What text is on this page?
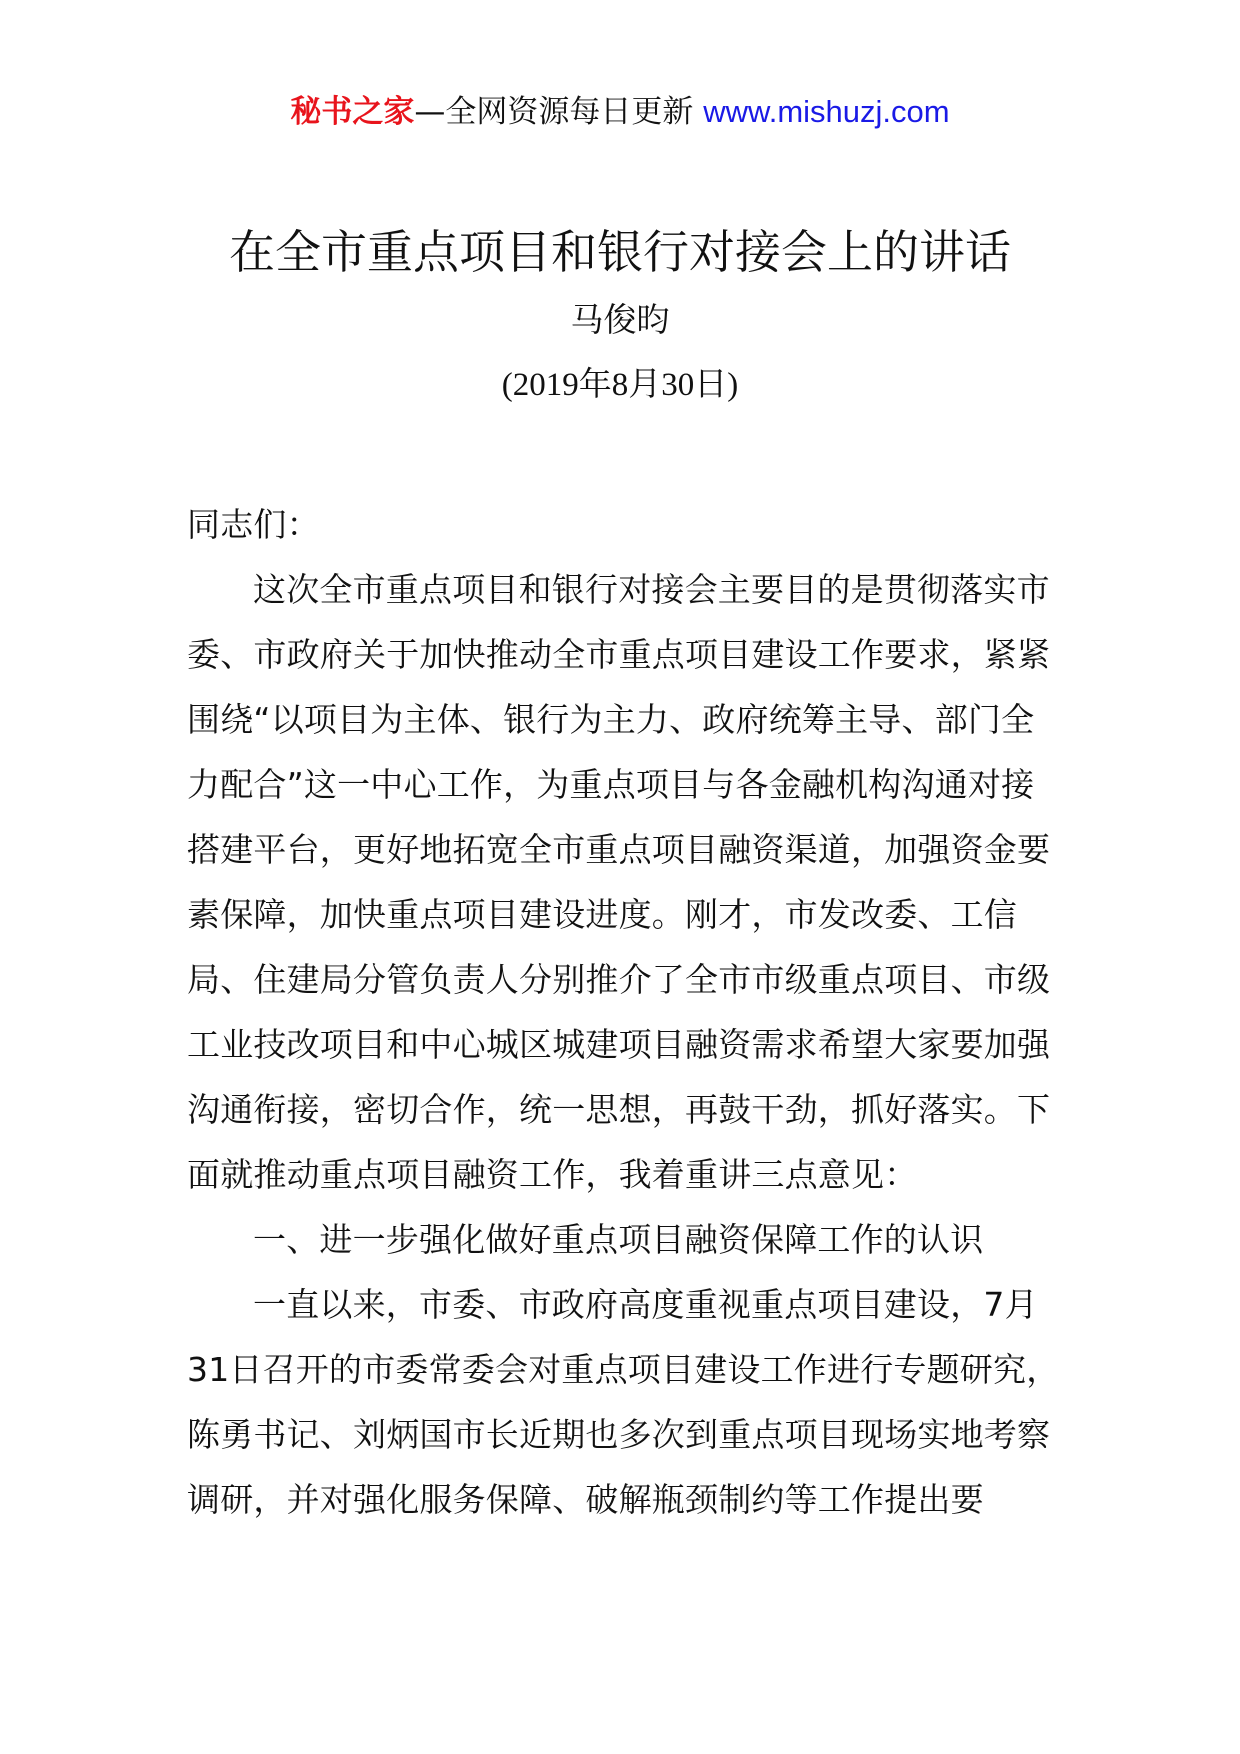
秘书之家—全网资源每日更新 www.mishuzj.com
在全市重点项目和银行对接会上的讲话
马俊昀
(2019年8月30日)

同志们：

这次全市重点项目和银行对接会主要目的是贯彻落实市委、市政府关于加快推动全市重点项目建设工作要求，紧紧围绕“以项目为主体、银行为主力、政府统筹主导、部门全力配合”这一中心工作，为重点项目与各金融机构沟通对接搭建平台，更好地拓宽全市重点项目融资渠道，加强资金要素保障，加快重点项目建设进度。刚才，市发改委、工信局、住建局分管负责人分别推介了全市市级重点项目、市级工业技改项目和中心城区城建项目融资需求希望大家要加强沟通衔接，密切合作，统一思想，再鼓干劲，抓好落实。下面就推动重点项目融资工作，我着重讲三点意见：

一、进一步强化做好重点项目融资保障工作的认识

一直以来，市委、市政府高度重视重点项目建设，7月31日召开的市委常委会对重点项目建设工作进行专题研究，陈勇书记、刘炳国市长近期也多次到重点项目现场实地考察调研，并对强化服务保障、破解瓶颈制约等工作提出要
